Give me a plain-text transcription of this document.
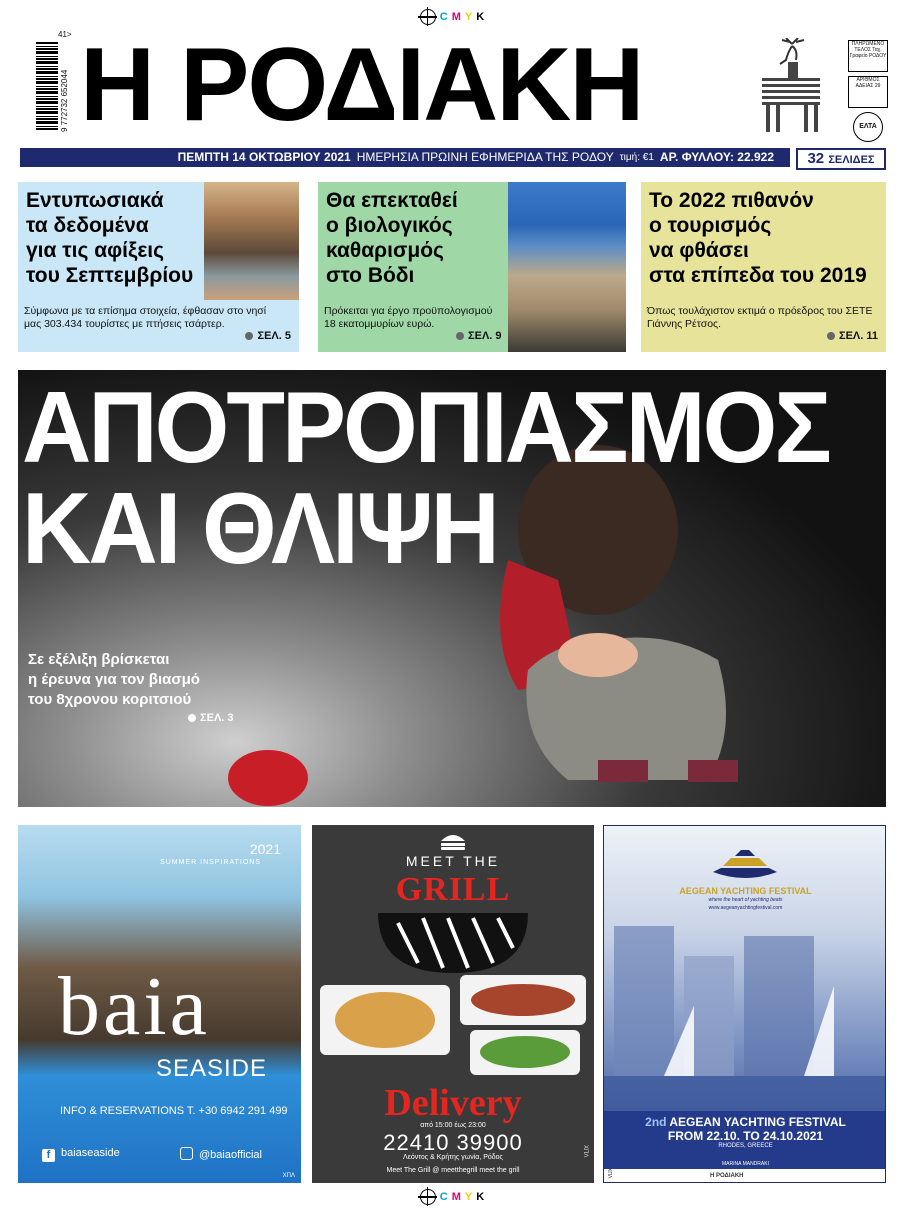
C M Y K
9 772732 652044
41> Η ΡΟΔΙΑΚΗ	ΠΛΗΡΩΜΕΝΟ ΤΕΛΟΣ Ταχ. Γραφείο ΡΟΔΟΥ
ΑΡΙΘΜΟΣ ΑΔΕΙΑΣ 29
ΕΛΤΑ
ΠΕΜΠΤΗ 14 ΟΚΤΩΒΡΙΟΥ 2021 ΗΜΕΡΗΣΙΑ ΠΡΩΙΝΗ ΕΦΗΜΕΡΙΔΑ ΤΗΣ ΡΟΔΟΥ τιμή: €1 ΑΡ. ΦΥΛΛΟΥ: 22.922	32 ΣΕΛΙΔΕΣ
Εντυπωσιακά
τα δεδομένα
για τις αφίξεις
του Σεπτεμβρίου
Σύμφωνα με τα επίσημα στοιχεία, έφθασαν στο νησί
μας 303.434 τουρίστες με πτήσεις τσάρτερ.
ΣΕΛ. 5
Θα επεκταθεί
ο βιολογικός
καθαρισμός
στο Βόδι
Πρόκειται για έργο προϋπολογισμού
18 εκατομμυρίων ευρώ.
ΣΕΛ. 9
Το 2022 πιθανόν
ο τουρισμός
να φθάσει
στα επίπεδα του 2019
Όπως τουλάχιστον εκτιμά ο πρόεδρος του ΣΕΤΕ
Γιάννης Ρέτσος.
ΣΕΛ. 11
ΑΠΟΤΡΟΠΙΑΣΜΟΣ
ΚΑΙ ΘΛΙΨΗ
Σε εξέλιξη βρίσκεται
η έρευνα για τον βιασμό
του 8χρονου κοριτσιού
ΣΕΛ. 3
2021
SUMMER INSPIRATIONS
baia
SEASIDE
INFO & RESERVATIONS T. +30 6942 291 499
f baiaseaside	@baiaofficial
ΧΠΛ
MEET THE
GRILL
Delivery
από 15:00 έως 23:00
22410 39900
Λεόντος & Κρήτης γωνία, Ρόδος
Meet The Grill @ meetthegrill meet the grill
ΧΠΛ
AEGEAN YACHTING FESTIVAL
where the heart of yachting beats
www.aegeanyachtingfestival.com
2nd AEGEAN YACHTING FESTIVAL
FROM 22.10. TO 24.10.2021
RHODES, GREECE
MARINA MANDRAKI
Η ΡΟΔΙΑΚΗ
ΧΠΛ
C M Y K
